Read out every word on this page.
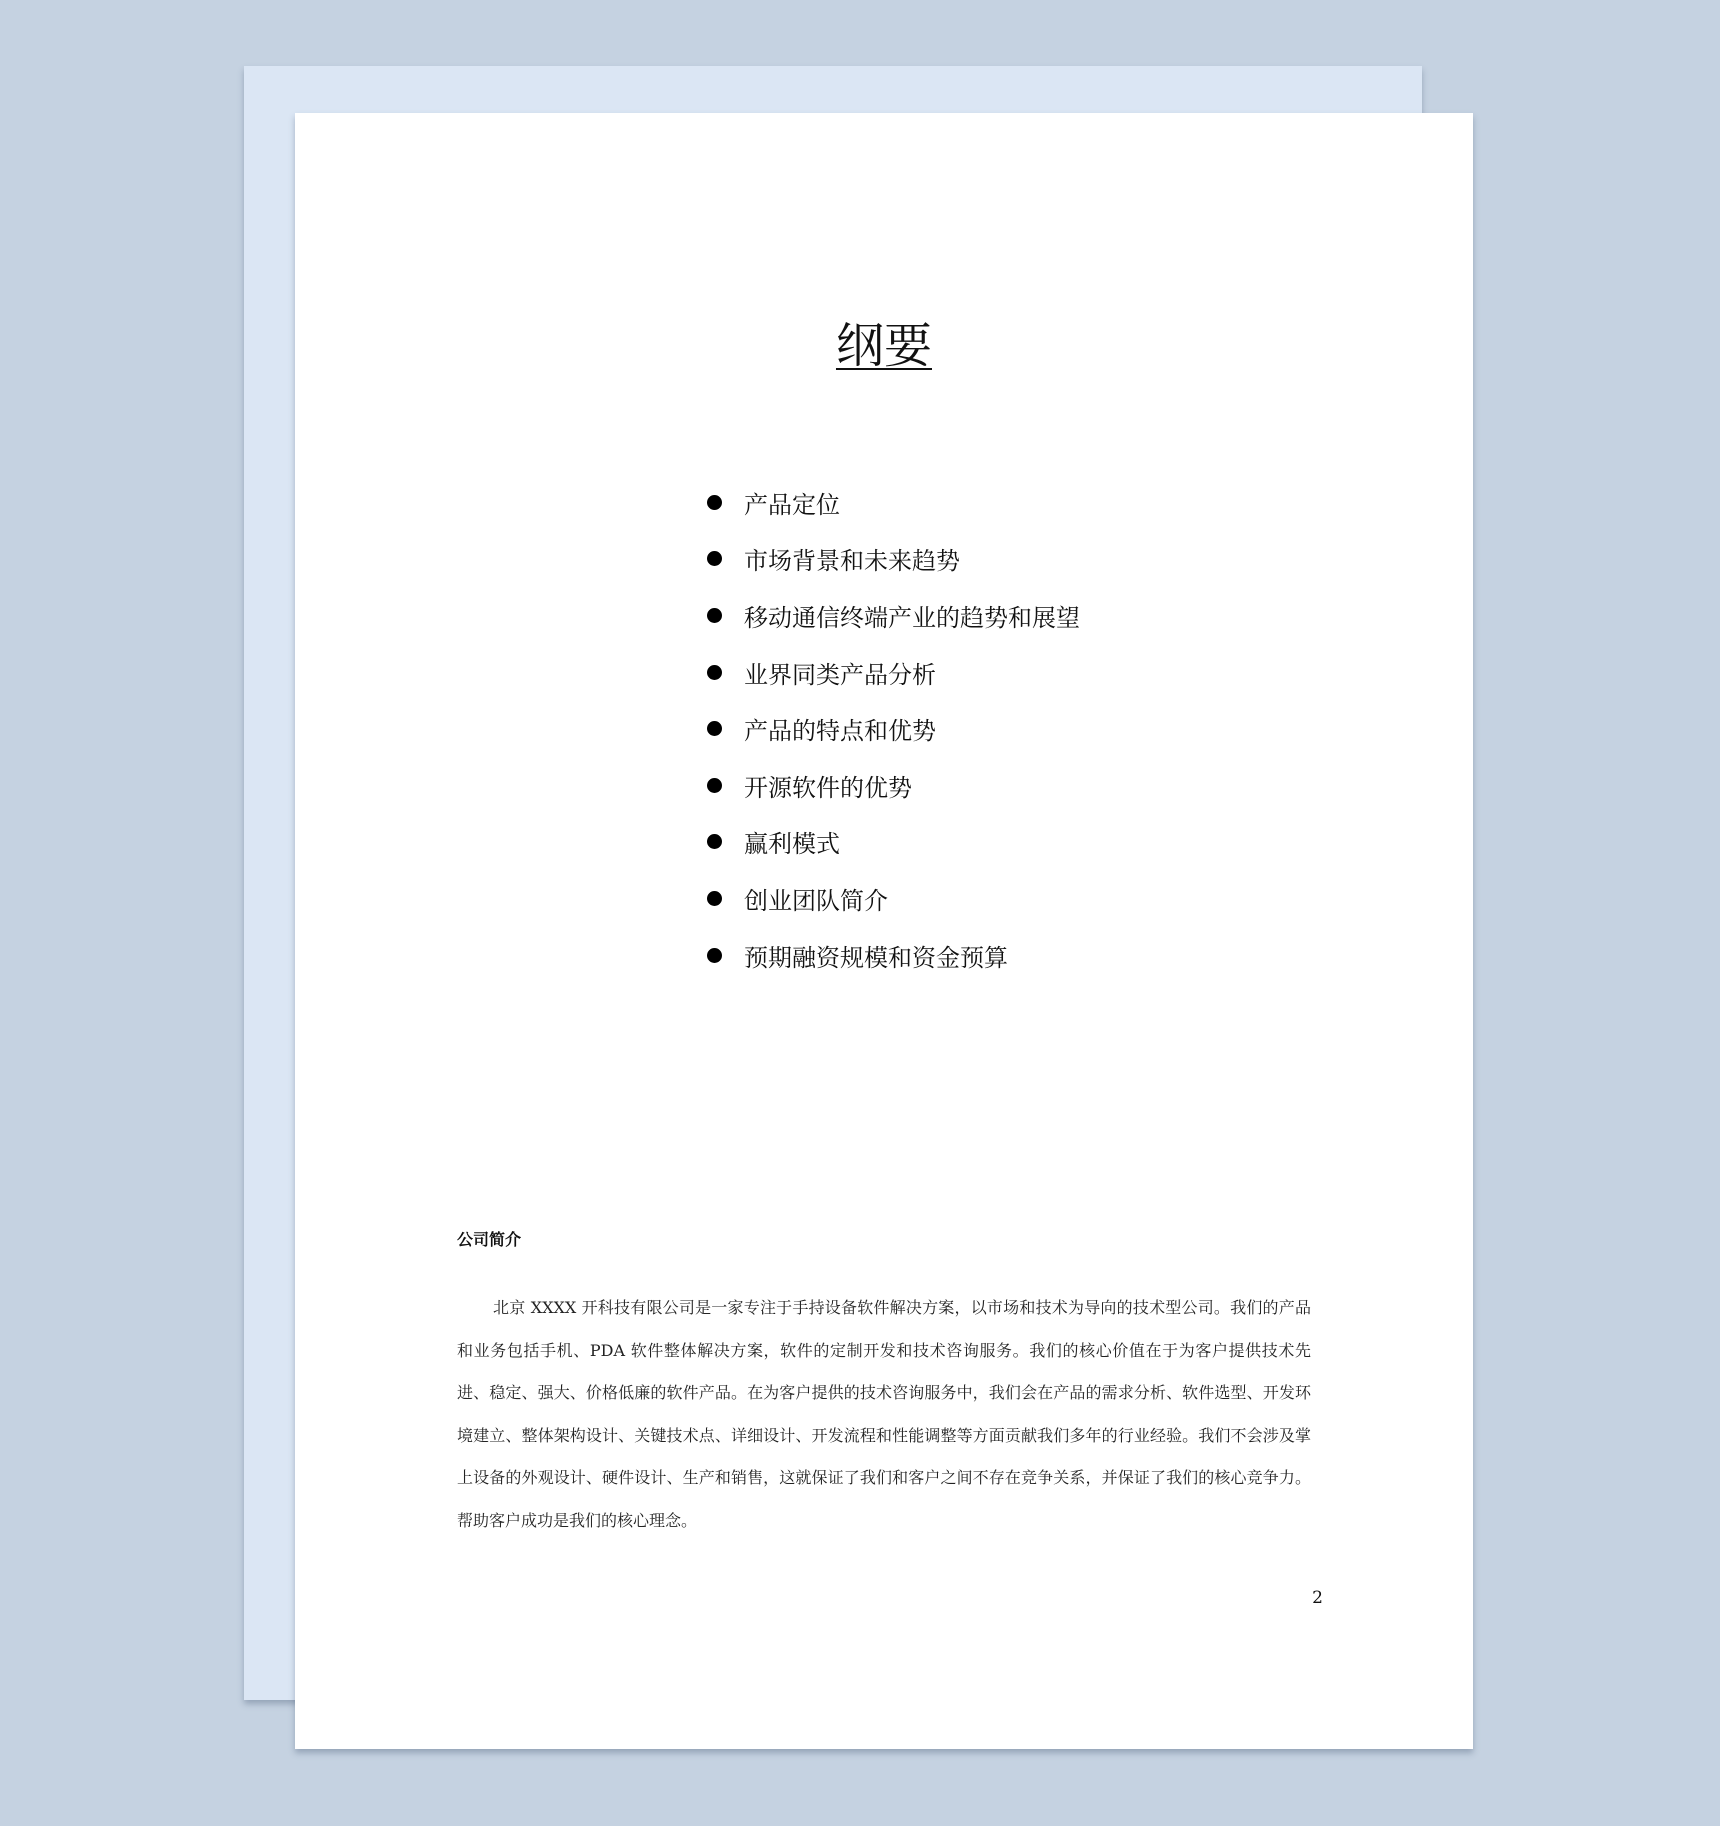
纲要
产品定位
市场背景和未来趋势
移动通信终端产业的趋势和展望
业界同类产品分析
产品的特点和优势
开源软件的优势
赢利模式
创业团队简介
预期融资规模和资金预算
公司简介

北京 XXXX 开科技有限公司是一家专注于手持设备软件解决方案，以市场和技术为导向的技术型公司。我们的产品和业务包括手机、PDA 软件整体解决方案，软件的定制开发和技术咨询服务。我们的核心价值在于为客户提供技术先进、稳定、强大、价格低廉的软件产品。在为客户提供的技术咨询服务中，我们会在产品的需求分析、软件选型、开发环境建立、整体架构设计、关键技术点、详细设计、开发流程和性能调整等方面贡献我们多年的行业经验。我们不会涉及掌上设备的外观设计、硬件设计、生产和销售，这就保证了我们和客户之间不存在竞争关系，并保证了我们的核心竞争力。帮助客户成功是我们的核心理念。

2
